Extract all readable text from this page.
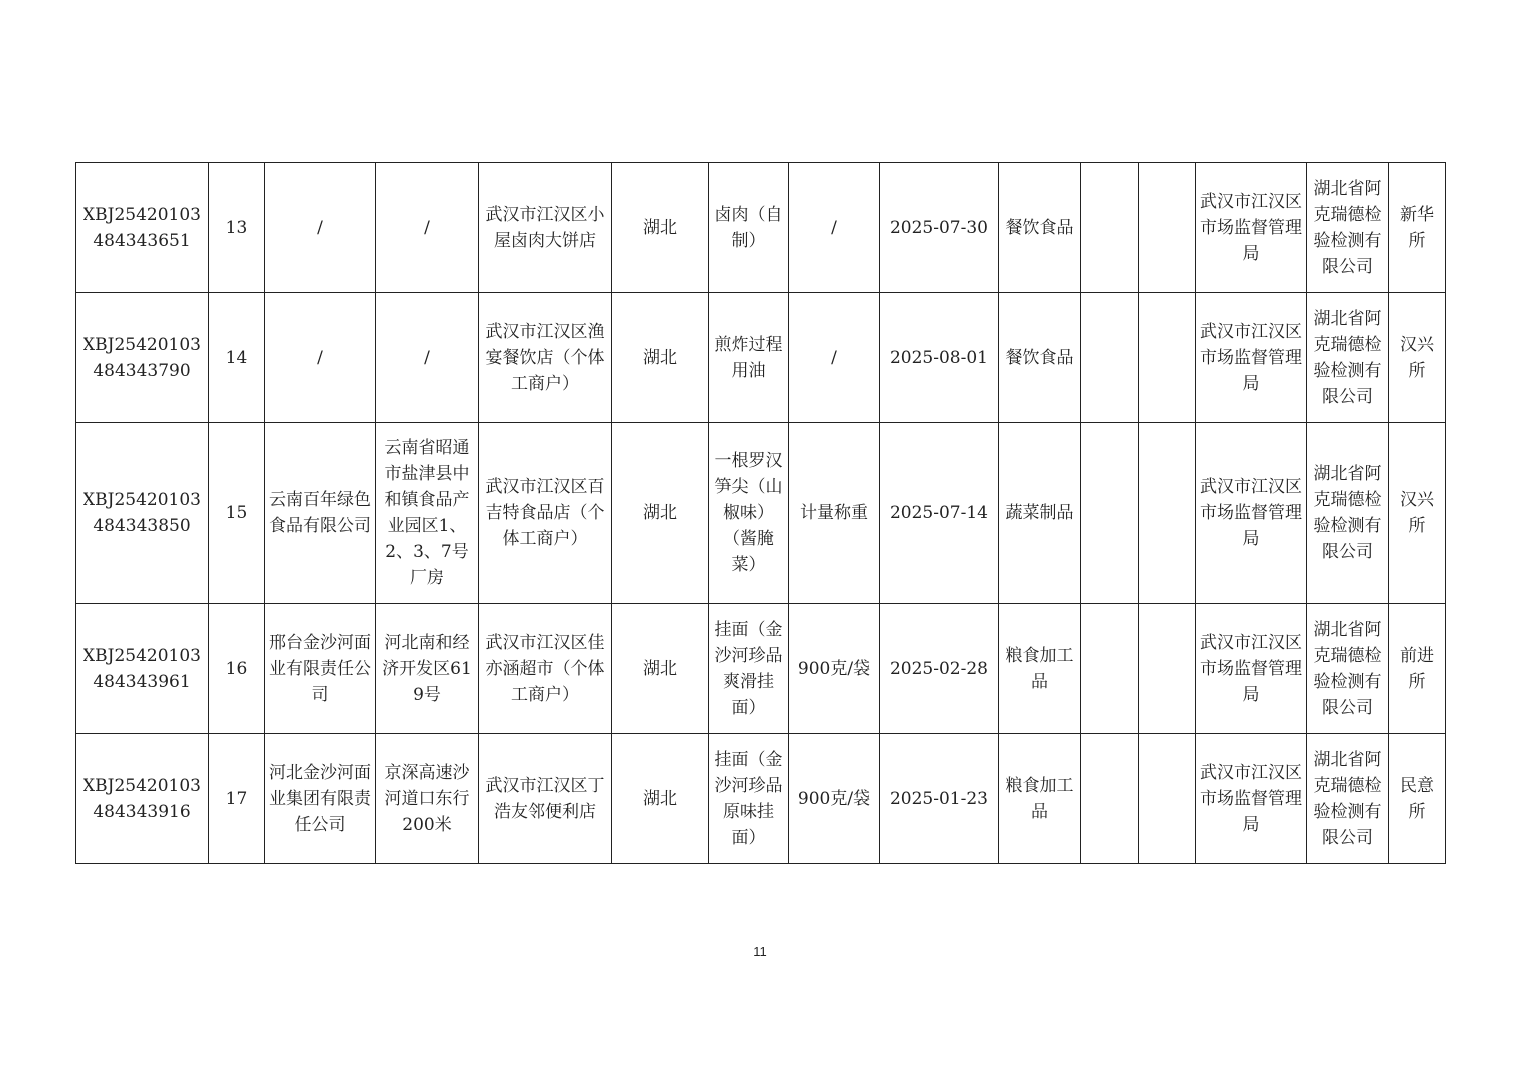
XBJ25420103484343651	13	/	/	武汉市江汉区小屋卤肉大饼店	湖北	卤肉（自制）	/	2025-07-30	餐饮食品			武汉市江汉区市场监督管理局	湖北省阿克瑞德检验检测有限公司	新华所
XBJ25420103484343790	14	/	/	武汉市江汉区渔宴餐饮店（个体工商户）	湖北	煎炸过程用油	/	2025-08-01	餐饮食品			武汉市江汉区市场监督管理局	湖北省阿克瑞德检验检测有限公司	汉兴所
XBJ25420103484343850	15	云南百年绿色食品有限公司	云南省昭通市盐津县中和镇食品产业园区1、2、3、7号厂房	武汉市江汉区百吉特食品店（个体工商户）	湖北	一根罗汉笋尖（山椒味）（酱腌菜）	计量称重	2025-07-14	蔬菜制品			武汉市江汉区市场监督管理局	湖北省阿克瑞德检验检测有限公司	汉兴所
XBJ25420103484343961	16	邢台金沙河面业有限责任公司	河北南和经济开发区619号	武汉市江汉区佳亦涵超市（个体工商户）	湖北	挂面（金沙河珍品爽滑挂面）	900克/袋	2025-02-28	粮食加工品			武汉市江汉区市场监督管理局	湖北省阿克瑞德检验检测有限公司	前进所
XBJ25420103484343916	17	河北金沙河面业集团有限责任公司	京深高速沙河道口东行200米	武汉市江汉区丁浩友邻便利店	湖北	挂面（金沙河珍品原味挂面）	900克/袋	2025-01-23	粮食加工品			武汉市江汉区市场监督管理局	湖北省阿克瑞德检验检测有限公司	民意所
11
